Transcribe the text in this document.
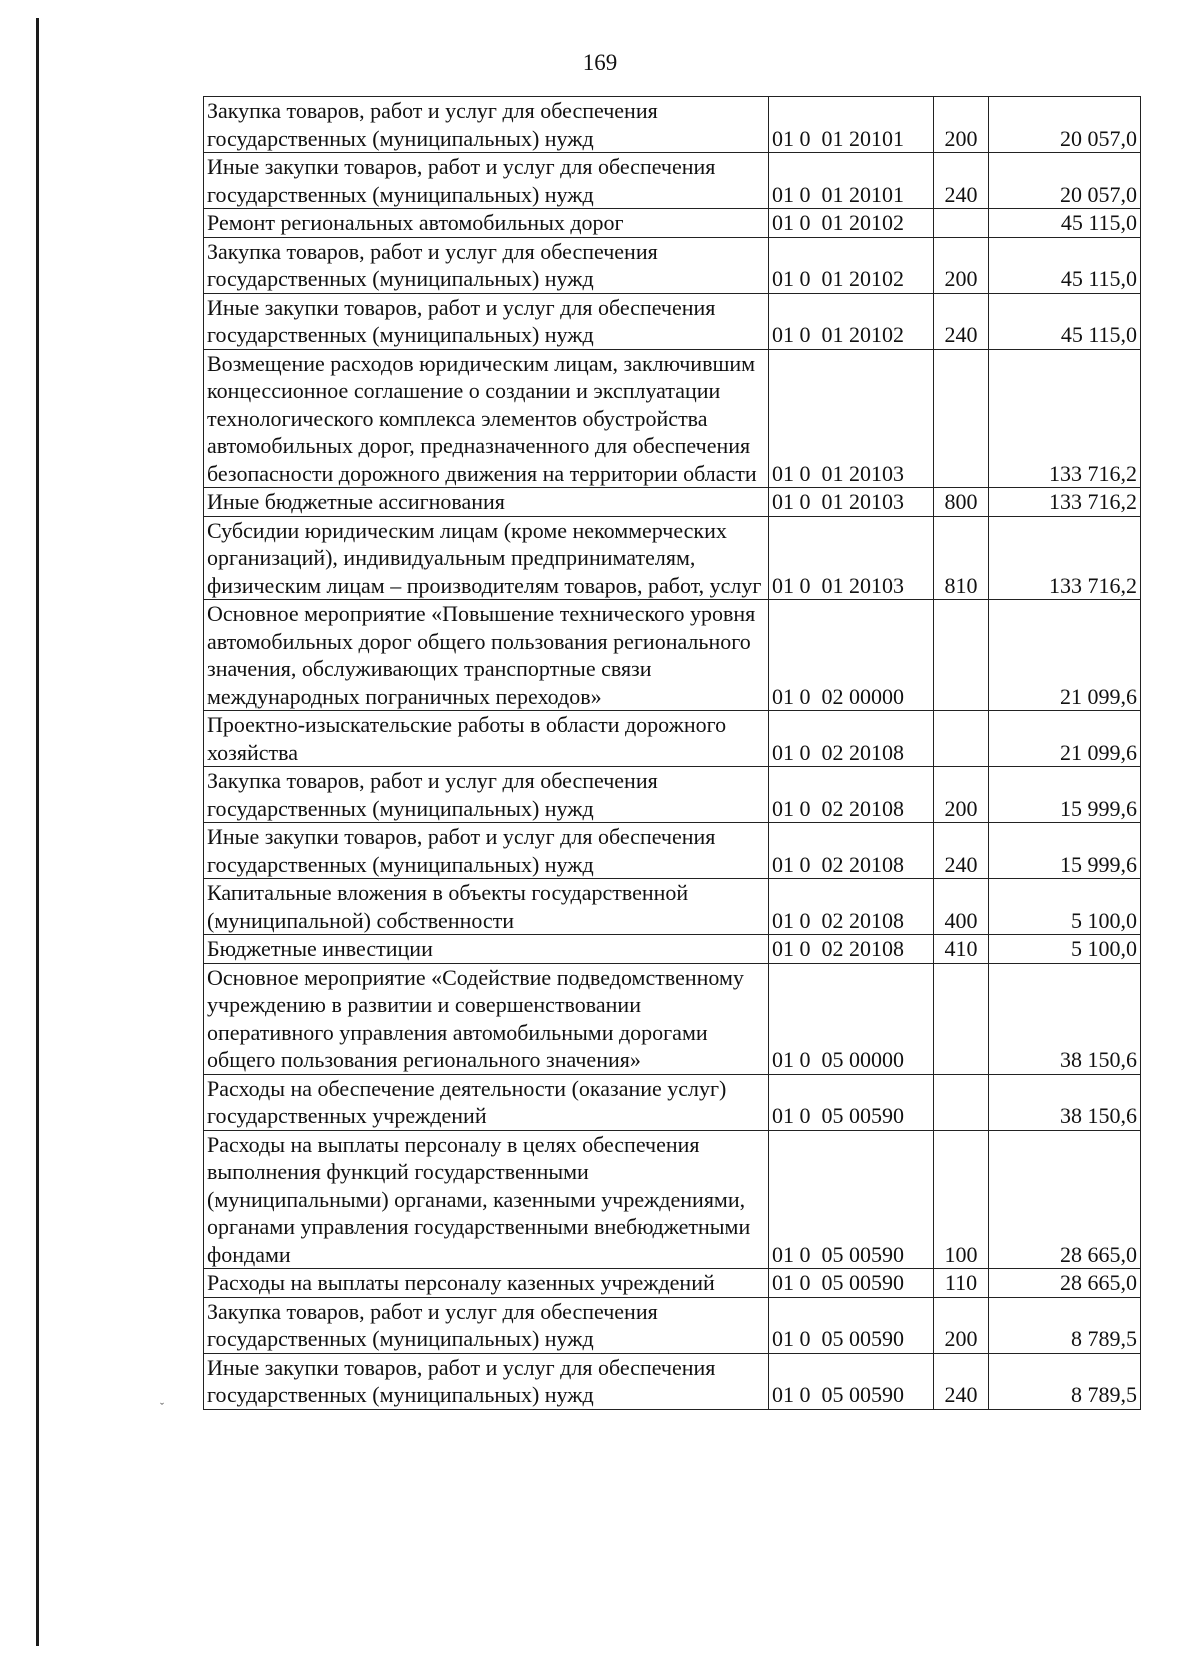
169
Закупка товаров, работ и услуг для обеспечения государственных (муниципальных) нужд	01 0  01 20101	200	20 057,0
Иные закупки товаров, работ и услуг для обеспечения государственных (муниципальных) нужд	01 0  01 20101	240	20 057,0
Ремонт региональных автомобильных дорог	01 0  01 20102		45 115,0
Закупка товаров, работ и услуг для обеспечения государственных (муниципальных) нужд	01 0  01 20102	200	45 115,0
Иные закупки товаров, работ и услуг для обеспечения государственных (муниципальных) нужд	01 0  01 20102	240	45 115,0
Возмещение расходов юридическим лицам, заключившим концессионное соглашение о создании и эксплуатации технологического комплекса элементов обустройства автомобильных дорог, предназначенного для обеспечения безопасности дорожного движения на территории области	01 0  01 20103		133 716,2
Иные бюджетные ассигнования	01 0  01 20103	800	133 716,2
Субсидии юридическим лицам (кроме некоммерческих организаций), индивидуальным предпринимателям, физическим лицам – производителям товаров, работ, услуг	01 0  01 20103	810	133 716,2
Основное мероприятие «Повышение технического уровня автомобильных дорог общего пользования регионального значения, обслуживающих транспортные связи международных пограничных переходов»	01 0  02 00000		21 099,6
Проектно-изыскательские работы в области дорожного хозяйства	01 0  02 20108		21 099,6
Закупка товаров, работ и услуг для обеспечения государственных (муниципальных) нужд	01 0  02 20108	200	15 999,6
Иные закупки товаров, работ и услуг для обеспечения государственных (муниципальных) нужд	01 0  02 20108	240	15 999,6
Капитальные вложения в объекты государственной (муниципальной) собственности	01 0  02 20108	400	5 100,0
Бюджетные инвестиции	01 0  02 20108	410	5 100,0
Основное мероприятие «Содействие подведомственному учреждению в развитии и совершенствовании оперативного управления автомобильными дорогами общего пользования регионального значения»	01 0  05 00000		38 150,6
Расходы на обеспечение деятельности (оказание услуг) государственных учреждений	01 0  05 00590		38 150,6
Расходы на выплаты персоналу в целях обеспечения выполнения функций государственными (муниципальными) органами, казенными учреждениями, органами управления государственными внебюджетными фондами	01 0  05 00590	100	28 665,0
Расходы на выплаты персоналу казенных учреждений	01 0  05 00590	110	28 665,0
Закупка товаров, работ и услуг для обеспечения государственных (муниципальных) нужд	01 0  05 00590	200	8 789,5
Иные закупки товаров, работ и услуг для обеспечения государственных (муниципальных) нужд	01 0  05 00590	240	8 789,5
ˇ
